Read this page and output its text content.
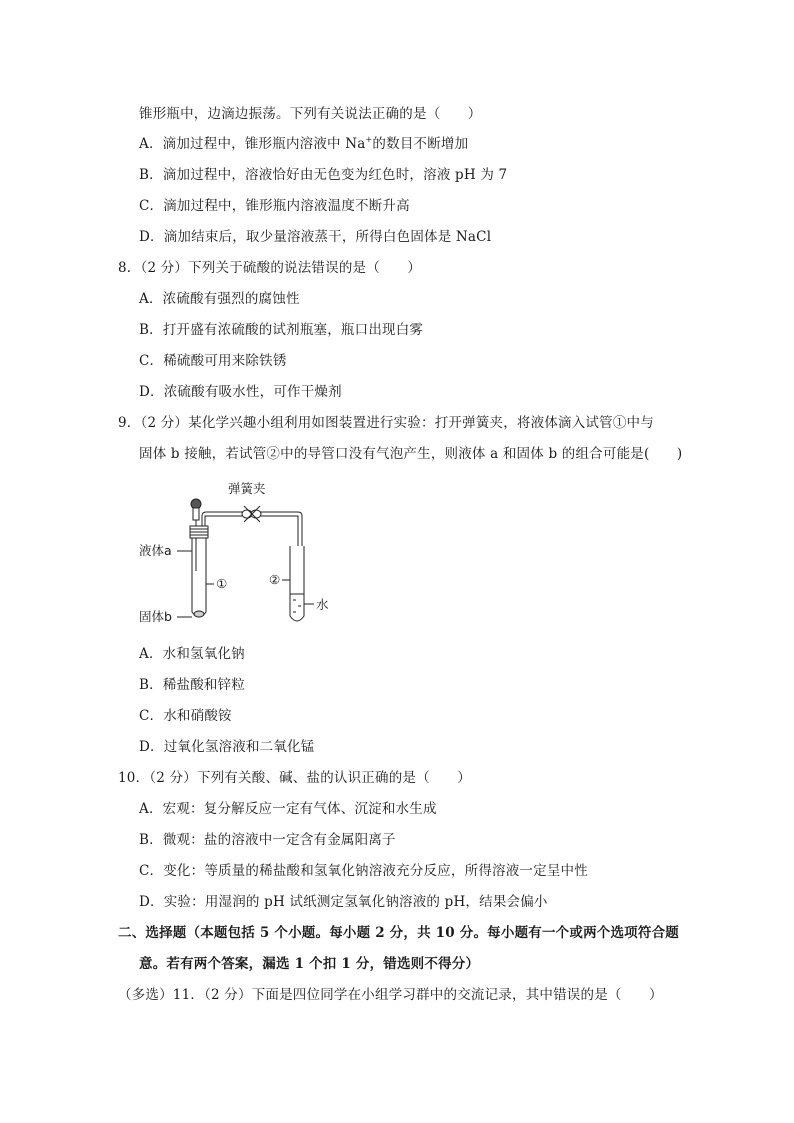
锥形瓶中，边滴边振荡。下列有关说法正确的是（　　）
A．滴加过程中，锥形瓶内溶液中 Na+的数目不断增加
B．滴加过程中，溶液恰好由无色变为红色时，溶液 pH 为 7
C．滴加过程中，锥形瓶内溶液温度不断升高
D．滴加结束后，取少量溶液蒸干，所得白色固体是 NaCl
8．（2 分）下列关于硫酸的说法错误的是（　　）
A．浓硫酸有强烈的腐蚀性
B．打开盛有浓硫酸的试剂瓶塞，瓶口出现白雾
C．稀硫酸可用来除铁锈
D．浓硫酸有吸水性，可作干燥剂
9．（2 分）某化学兴趣小组利用如图装置进行实验：打开弹簧夹，将液体滴入试管①中与
固体 b 接触，若试管②中的导管口没有气泡产生，则液体 a 和固体 b 的组合可能是(　　)
弹簧夹
液体a
固体b
①	②
水
A．水和氢氧化钠
B．稀盐酸和锌粒
C．水和硝酸铵
D．过氧化氢溶液和二氧化锰
10．（2 分）下列有关酸、碱、盐的认识正确的是（　　）
A．宏观：复分解反应一定有气体、沉淀和水生成
B．微观：盐的溶液中一定含有金属阳离子
C．变化：等质量的稀盐酸和氢氧化钠溶液充分反应，所得溶液一定呈中性
D．实验：用湿润的 pH 试纸测定氢氧化钠溶液的 pH，结果会偏小
二、选择题（本题包括 5 个小题。每小题 2 分，共 10 分。每小题有一个或两个选项符合题
意。若有两个答案，漏选 1 个扣 1 分，错选则不得分）
（多选）11．（2 分）下面是四位同学在小组学习群中的交流记录，其中错误的是（　　）
